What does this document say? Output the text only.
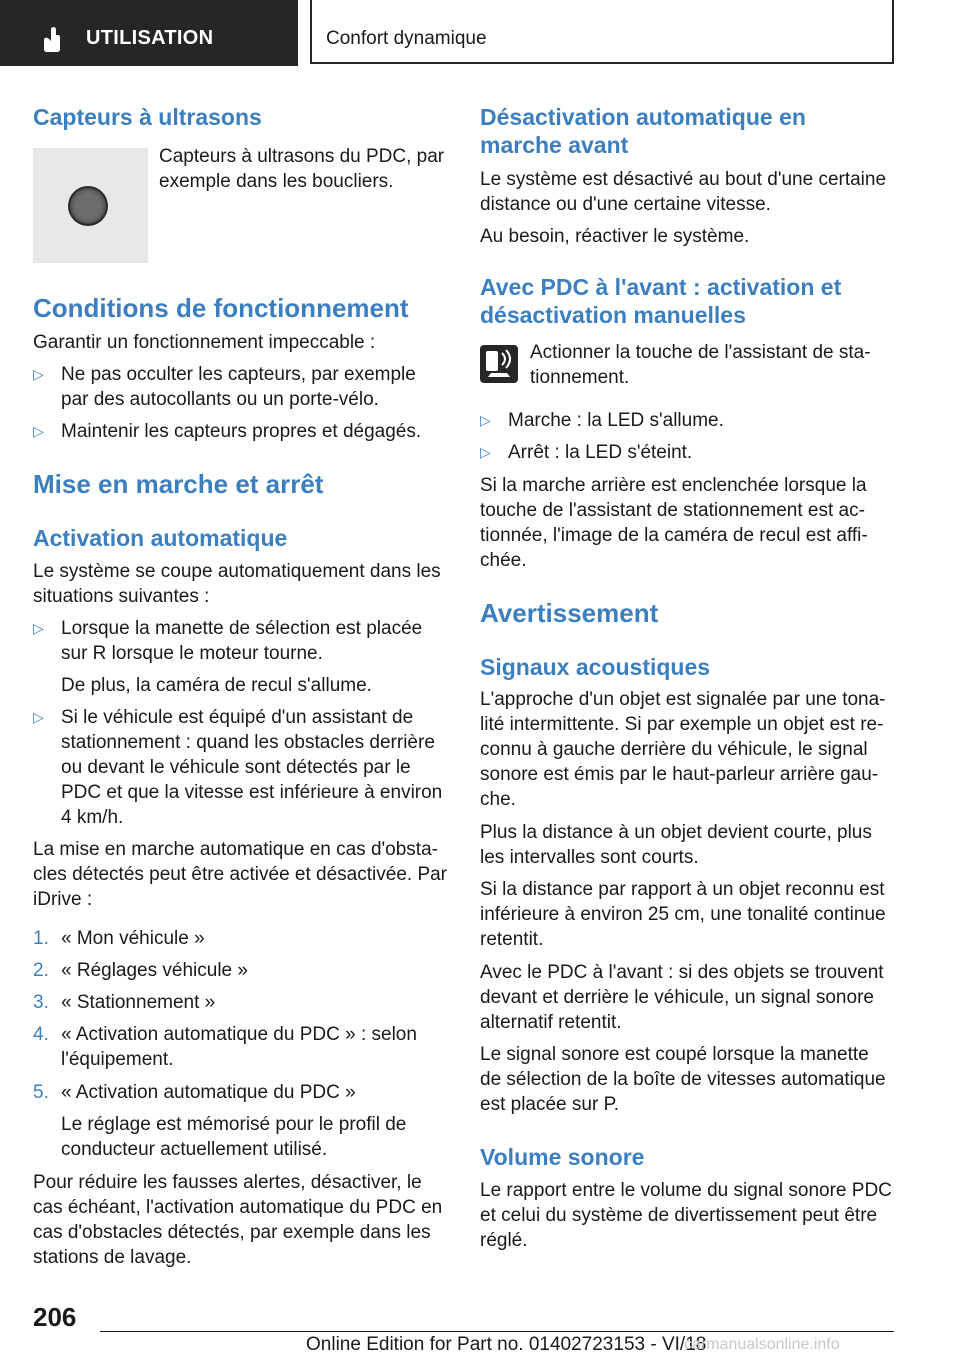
UTILISATION	Confort dynamique
Capteurs à ultrasons
Capteurs à ultrasons du PDC, par exemple dans les boucliers.
Conditions de fonctionnement
Garantir un fonctionnement impeccable :
▷ Ne pas occulter les capteurs, par exemple par des autocollants ou un porte-vélo.
▷ Maintenir les capteurs propres et dégagés.
Mise en marche et arrêt
Activation automatique
Le système se coupe automatiquement dans les situations suivantes :
▷ Lorsque la manette de sélection est placée sur R lorsque le moteur tourne.
De plus, la caméra de recul s'allume.
▷ Si le véhicule est équipé d'un assistant de stationnement : quand les obstacles derrière ou devant le véhicule sont détectés par le PDC et que la vitesse est inférieure à environ 4 km/h.
La mise en marche automatique en cas d'obsta-cles détectés peut être activée et désactivée. Par iDrive :
1. « Mon véhicule »
2. « Réglages véhicule »
3. « Stationnement »
4. « Activation automatique du PDC » : selon l'équipement.
5. « Activation automatique du PDC »
Le réglage est mémorisé pour le profil de conducteur actuellement utilisé.
Pour réduire les fausses alertes, désactiver, le cas échéant, l'activation automatique du PDC en cas d'obstacles détectés, par exemple dans les stations de lavage.
Désactivation automatique en marche avant
Le système est désactivé au bout d'une certaine distance ou d'une certaine vitesse.
Au besoin, réactiver le système.
Avec PDC à l'avant : activation et désactivation manuelles
Actionner la touche de l'assistant de sta-tionnement.
▷ Marche : la LED s'allume.
▷ Arrêt : la LED s'éteint.
Si la marche arrière est enclenchée lorsque la touche de l'assistant de stationnement est ac-tionnée, l'image de la caméra de recul est affi-chée.
Avertissement
Signaux acoustiques
L'approche d'un objet est signalée par une tona-lité intermittente. Si par exemple un objet est re-connu à gauche derrière du véhicule, le signal sonore est émis par le haut-parleur arrière gau-che.
Plus la distance à un objet devient courte, plus les intervalles sont courts.
Si la distance par rapport à un objet reconnu est inférieure à environ 25 cm, une tonalité continue retentit.
Avec le PDC à l'avant : si des objets se trouvent devant et derrière le véhicule, un signal sonore alternatif retentit.
Le signal sonore est coupé lorsque la manette de sélection de la boîte de vitesses automatique est placée sur P.
Volume sonore
Le rapport entre le volume du signal sonore PDC et celui du système de divertissement peut être réglé.
206
Online Edition for Part no. 01402723153 - VI/18
carmanualsonline.info
